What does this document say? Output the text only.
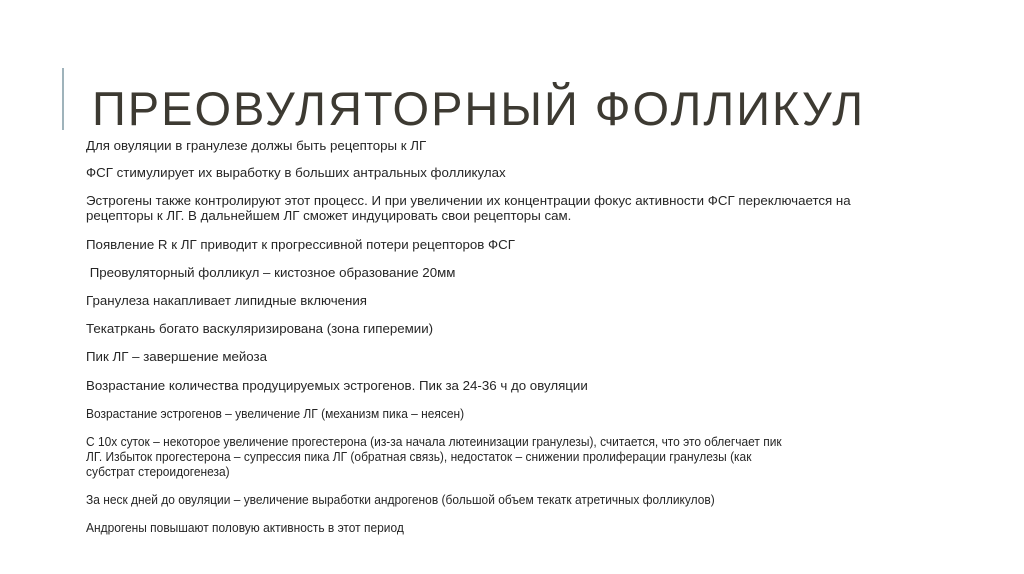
ПРЕОВУЛЯТОРНЫЙ ФОЛЛИКУЛ
Для овуляции в гранулезе должы быть рецепторы к ЛГ
ФСГ стимулирует их выработку в больших антральных фолликулах
Эстрогены также контролируют этот процесс. И при увеличении их концентрации фокус активности ФСГ переключается на
рецепторы к ЛГ. В дальнейшем ЛГ сможет индуцировать свои рецепторы сам.
Появление R к ЛГ приводит к прогрессивной потери рецепторов ФСГ
Преовуляторный фолликул – кистозное образование 20мм
Гранулеза накапливает липидные включения
Текатркань богато васкуляризирована (зона гиперемии)
Пик ЛГ – завершение мейоза
Возрастание количества продуцируемых эстрогенов. Пик за 24-36 ч до овуляции
Возрастание эстрогенов – увеличение ЛГ (механизм пика – неясен)
С 10х суток – некоторое увеличение прогестерона (из-за начала лютеинизации гранулезы), считается, что это облегчает пик
ЛГ. Избыток прогестерона – супрессия пика ЛГ (обратная связь), недостаток – снижении пролиферации гранулезы (как
субстрат стероидогенеза)
За неск дней до овуляции – увеличение выработки андрогенов (большой объем текатк атретичных фолликулов)
Андрогены повышают половую активность в этот период
